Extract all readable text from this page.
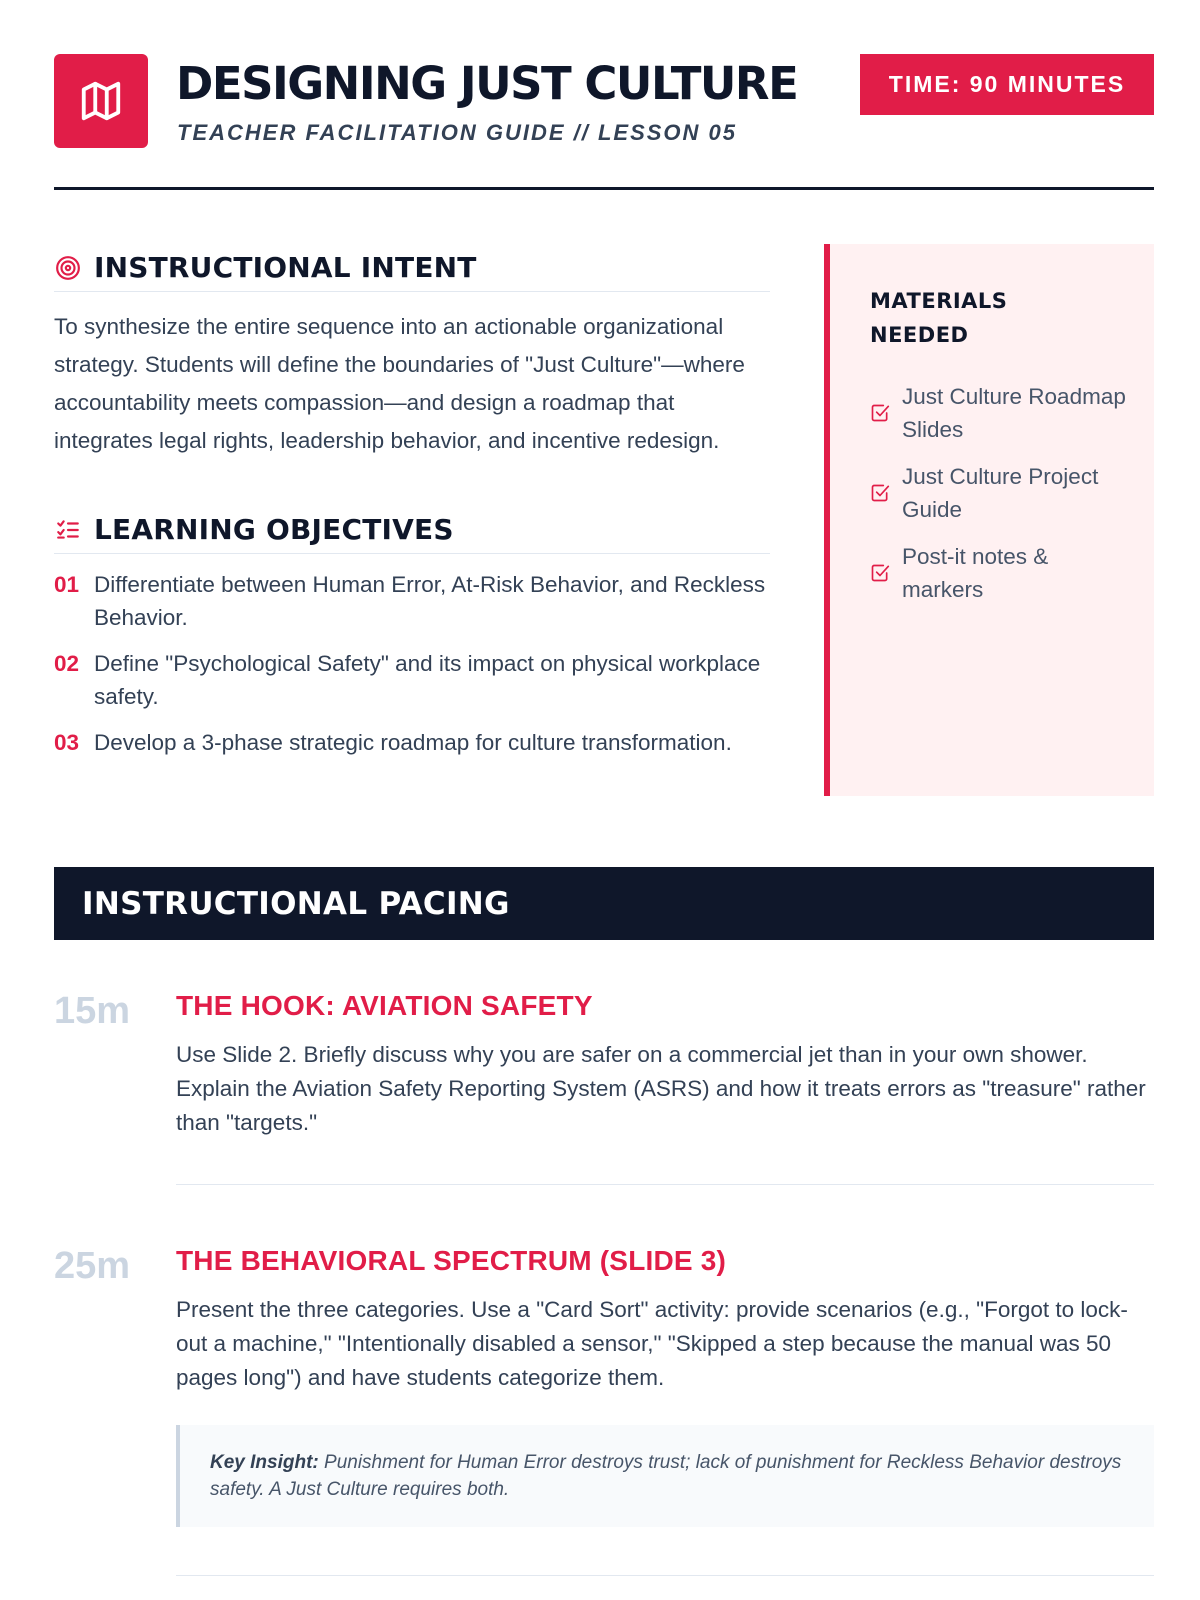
DESIGNING JUST CULTURE
TEACHER FACILITATION GUIDE // LESSON 05
TIME: 90 MINUTES
INSTRUCTIONAL INTENT

To synthesize the entire sequence into an actionable organizational strategy. Students will define the boundaries of "Just Culture"—where accountability meets compassion—and design a roadmap that integrates legal rights, leadership behavior, and incentive redesign.

LEARNING OBJECTIVES
01 Differentiate between Human Error, At-Risk Behavior, and Reckless Behavior.
02 Define "Psychological Safety" and its impact on physical workplace safety.
03 Develop a 3-phase strategic roadmap for culture transformation.
MATERIALS NEEDED
Just Culture Roadmap Slides
Just Culture Project Guide
Post-it notes & markers
INSTRUCTIONAL PACING
15m THE HOOK: AVIATION SAFETY

Use Slide 2. Briefly discuss why you are safer on a commercial jet than in your own shower. Explain the Aviation Safety Reporting System (ASRS) and how it treats errors as "treasure" rather than "targets."

25m THE BEHAVIORAL SPECTRUM (SLIDE 3)

Present the three categories. Use a "Card Sort" activity: provide scenarios (e.g., "Forgot to lock-out a machine," "Intentionally disabled a sensor," "Skipped a step because the manual was 50 pages long") and have students categorize them.

Key Insight: Punishment for Human Error destroys trust; lack of punishment for Reckless Behavior destroys safety. A Just Culture requires both.
